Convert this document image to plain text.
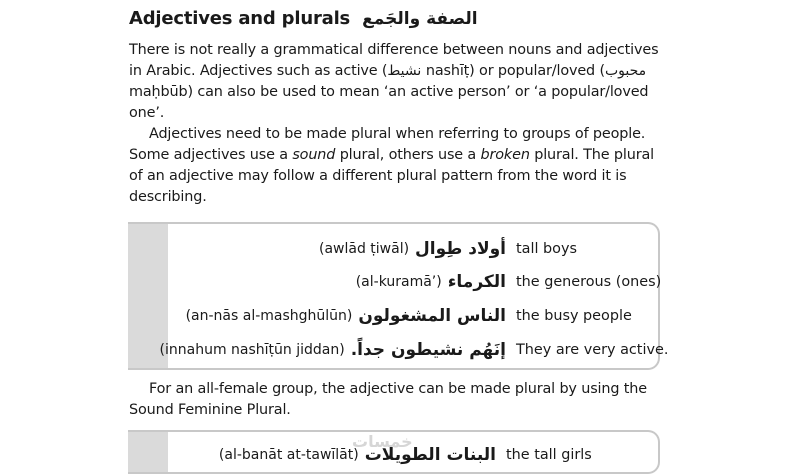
Adjectives and plurals الصفة والجَمع
There is not really a grammatical difference between nouns and adjectives in Arabic. Adjectives such as active (نشيط nashīṭ) or popular/loved (محبوب maḥbūb) can also be used to mean ‘an active person’ or ‘a popular/loved one’.
Adjectives need to be made plural when referring to groups of people. Some adjectives use a sound plural, others use a broken plural. The plural of an adjective may follow a different plural pattern from the word it is describing.
(awlād ṭiwāl) أولاد طِوال tall boys
(al-kuramā’) الكرماء the generous (ones)
(an-nās al-mashghūlūn) الناس المشغولون the busy people
(innahum nashīṭūn jiddan) إنَهُم نشيطون جداً. They are very active.
For an all-female group, the adjective can be made plural by using the Sound Feminine Plural.
(al-banāt at-tawīlāt) البنات الطويلات the tall girls
خمسات
